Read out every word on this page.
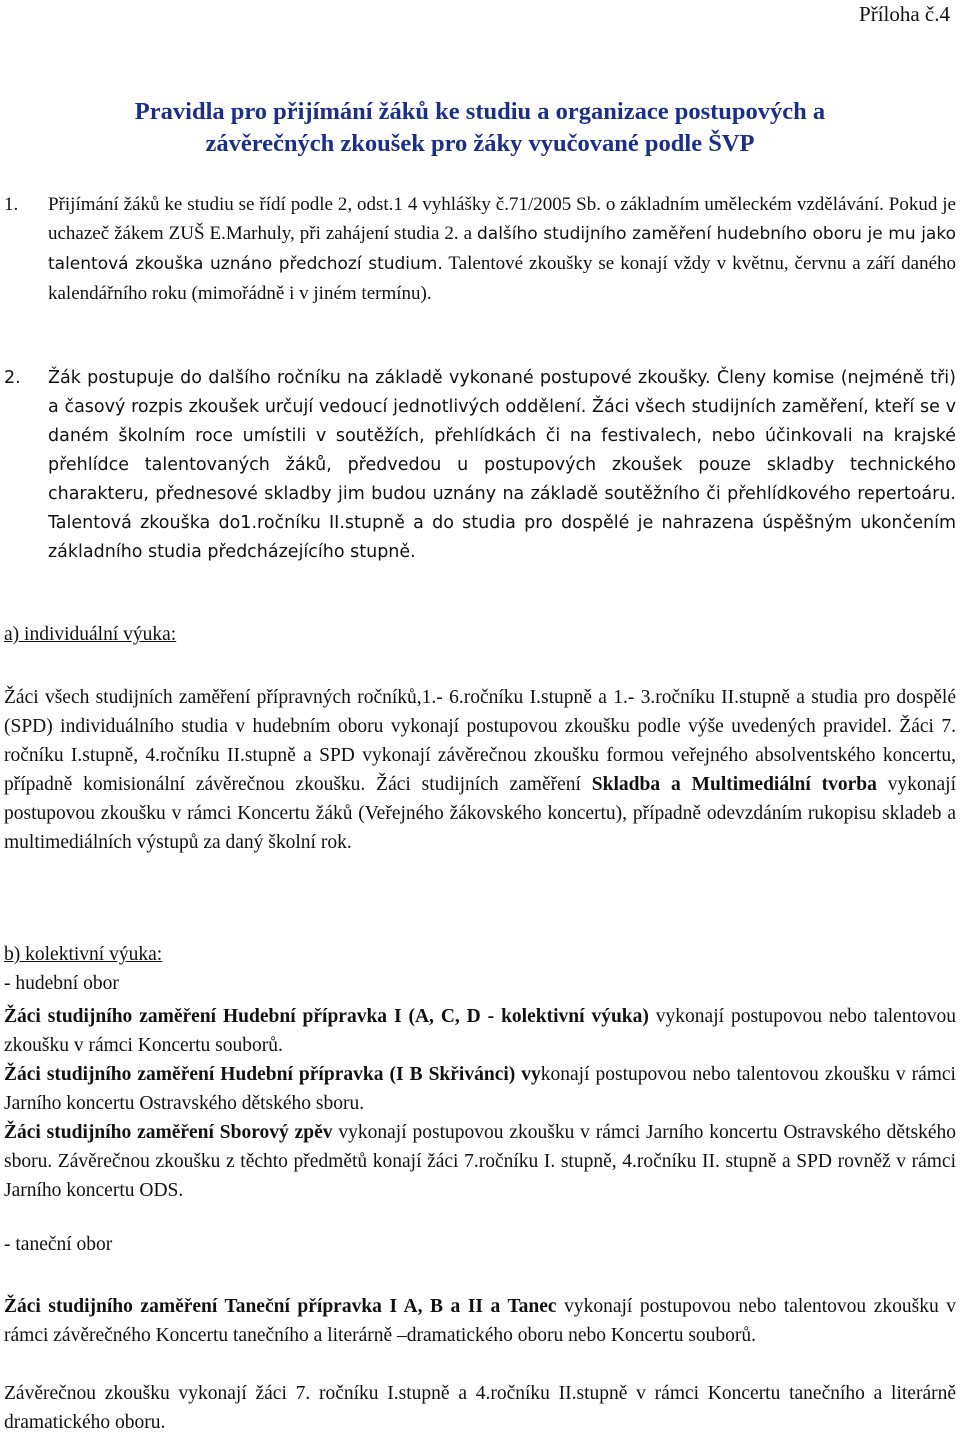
Příloha č.4
Pravidla pro přijímání žáků ke studiu a organizace postupových a
závěrečných zkoušek pro žáky vyučované podle ŠVP
1. Přijímání žáků ke studiu se řídí podle 2, odst.1 4 vyhlášky č.71/2005 Sb. o základním uměleckém vzdělávání. Pokud je uchazeč žákem ZUŠ E.Marhuly, při zahájení studia 2. a dalšího studijního zaměření hudebního oboru je mu jako talentová zkouška uznáno předchozí studium. Talentové zkoušky se konají vždy v květnu, červnu a září daného kalendářního roku (mimořádně i v jiném termínu).
2. Žák postupuje do dalšího ročníku na základě vykonané postupové zkoušky. Členy komise (nejméně tři) a časový rozpis zkoušek určují vedoucí jednotlivých oddělení. Žáci všech studijních zaměření, kteří se v daném školním roce umístili v soutěžích, přehlídkách či na festivalech, nebo účinkovali na krajské přehlídce talentovaných žáků, předvedou u postupových zkoušek pouze skladby technického charakteru, přednesové skladby jim budou uznány na základě soutěžního či přehlídkového repertoáru. Talentová zkouška do1.ročníku II.stupně a do studia pro dospělé je nahrazena úspěšným ukončením základního studia předcházejícího stupně.
a) individuální výuka:
Žáci všech studijních zaměření přípravných ročníků,1.- 6.ročníku I.stupně a 1.- 3.ročníku II.stupně a studia pro dospělé (SPD) individuálního studia v hudebním oboru vykonají postupovou zkoušku podle výše uvedených pravidel. Žáci 7. ročníku I.stupně, 4.ročníku II.stupně a SPD vykonají závěrečnou zkoušku formou veřejného absolventského koncertu, případně komisionální závěrečnou zkoušku. Žáci studijních zaměření Skladba a Multimediální tvorba vykonají postupovou zkoušku v rámci Koncertu žáků (Veřejného žákovského koncertu), případně odevzdáním rukopisu skladeb a multimediálních výstupů za daný školní rok.
b) kolektivní výuka:
- hudební obor
Žáci studijního zaměření Hudební přípravka I (A, C, D - kolektivní výuka) vykonají postupovou nebo talentovou zkoušku v rámci Koncertu souborů.
Žáci studijního zaměření Hudební přípravka (I B Skřivánci) vykonají postupovou nebo talentovou zkoušku v rámci Jarního koncertu Ostravského dětského sboru.
Žáci studijního zaměření Sborový zpěv vykonají postupovou zkoušku v rámci Jarního koncertu Ostravského dětského sboru. Závěrečnou zkoušku z těchto předmětů konají žáci 7.ročníku I. stupně, 4.ročníku II. stupně a SPD rovněž v rámci Jarního koncertu ODS.
- taneční obor
Žáci studijního zaměření Taneční přípravka I A, B a II a Tanec vykonají postupovou nebo talentovou zkoušku v rámci závěrečného Koncertu tanečního a literárně –dramatického oboru nebo Koncertu souborů.
Závěrečnou zkoušku vykonají žáci 7. ročníku I.stupně a 4.ročníku II.stupně v rámci Koncertu tanečního a literárně dramatického oboru.
